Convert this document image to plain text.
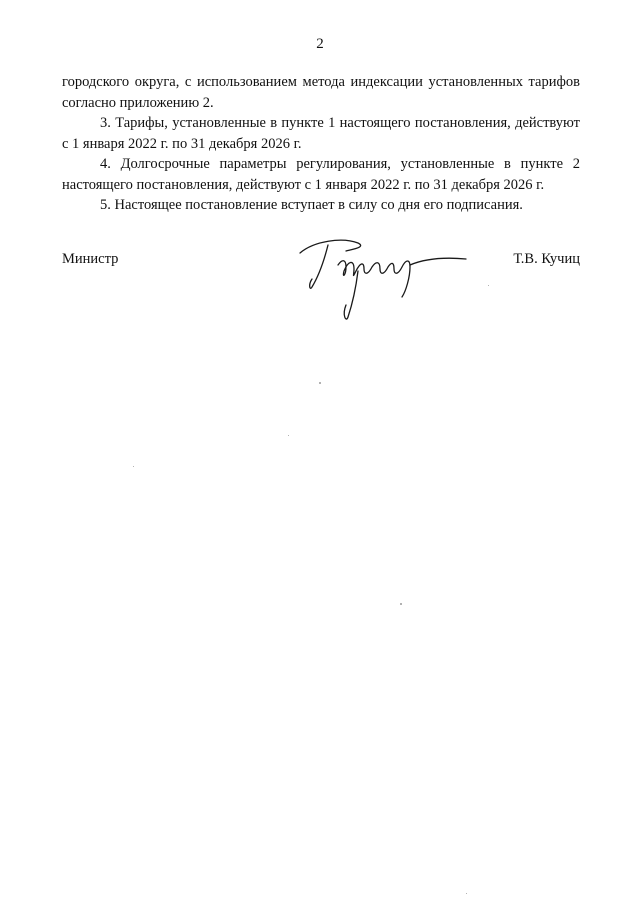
2

городского округа, с использованием метода индексации установленных тарифов согласно приложению 2.

3. Тарифы, установленные в пункте 1 настоящего постановления, действуют с 1 января 2022 г. по 31 декабря 2026 г.

4. Долгосрочные параметры регулирования, установленные в пункте 2 настоящего постановления, действуют с 1 января 2022 г. по 31 декабря 2026 г.

5. Настоящее постановление вступает в силу со дня его подписания.

Министр	Т.В. Кучиц
